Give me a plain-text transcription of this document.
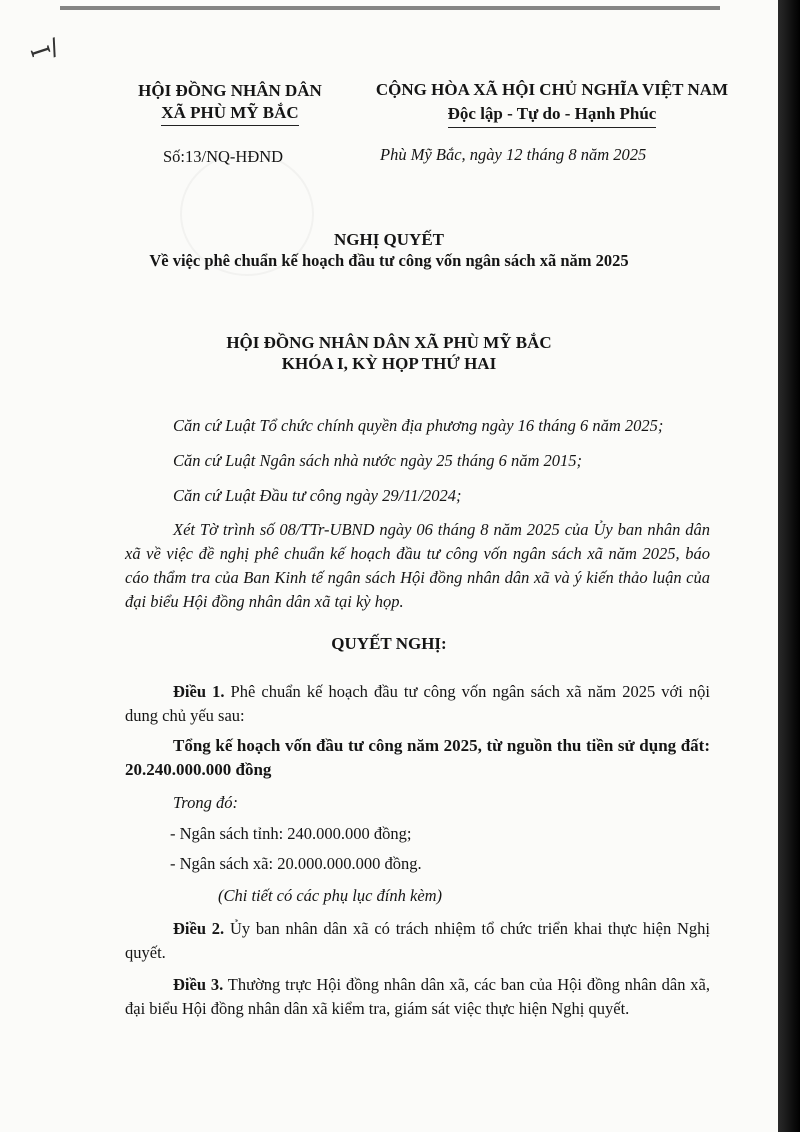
ꟷ/
HỘI ĐỒNG NHÂN DÂN
XÃ PHÙ MỸ BẮC
CỘNG HÒA XÃ HỘI CHỦ NGHĨA VIỆT NAM
Độc lập - Tự do - Hạnh Phúc
Số:13/NQ-HĐND	Phù Mỹ Bắc, ngày 12 tháng 8 năm 2025
NGHỊ QUYẾT
Về việc phê chuẩn kế hoạch đầu tư công vốn ngân sách xã năm 2025
HỘI ĐỒNG NHÂN DÂN XÃ PHÙ MỸ BẮC
KHÓA I, KỲ HỌP THỨ HAI
Căn cứ Luật Tổ chức chính quyền địa phương ngày 16 tháng 6 năm 2025;
Căn cứ Luật Ngân sách nhà nước ngày 25 tháng 6 năm 2015;
Căn cứ Luật Đầu tư công ngày 29/11/2024;
Xét Tờ trình số 08/TTr-UBND ngày 06 tháng 8 năm 2025 của Ủy ban nhân dân xã về việc đề nghị phê chuẩn kế hoạch đầu tư công vốn ngân sách xã năm 2025, báo cáo thẩm tra của Ban Kinh tế ngân sách Hội đồng nhân dân xã và ý kiến thảo luận của đại biểu Hội đồng nhân dân xã tại kỳ họp.
QUYẾT NGHỊ:
Điều 1. Phê chuẩn kế hoạch đầu tư công vốn ngân sách xã năm 2025 với nội dung chủ yếu sau:
Tổng kế hoạch vốn đầu tư công năm 2025, từ nguồn thu tiền sử dụng đất: 20.240.000.000 đồng
Trong đó:
- Ngân sách tỉnh: 240.000.000 đồng;
- Ngân sách xã: 20.000.000.000 đồng.
(Chi tiết có các phụ lục đính kèm)
Điều 2. Ủy ban nhân dân xã có trách nhiệm tổ chức triển khai thực hiện Nghị quyết.
Điều 3. Thường trực Hội đồng nhân dân xã, các ban của Hội đồng nhân dân xã, đại biểu Hội đồng nhân dân xã kiểm tra, giám sát việc thực hiện Nghị quyết.
